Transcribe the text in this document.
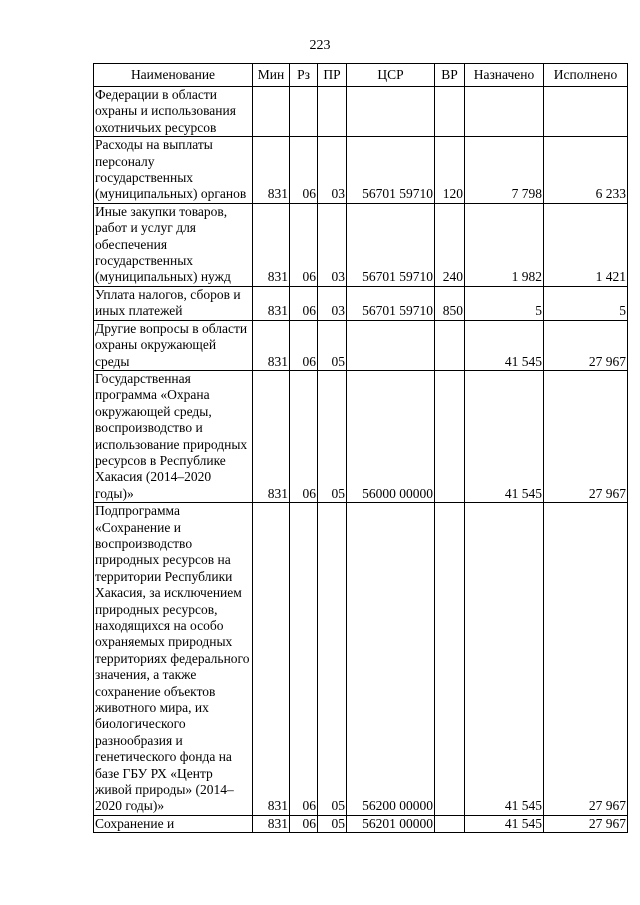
223
Наименование	Мин	Рз	ПР	ЦСР	ВР	Назначено	Исполнено
Федерации в области охраны и использования охотничьих ресурсов							
Расходы на выплаты персоналу государственных (муниципальных) органов	831	06	03	56701 59710	120	7 798	6 233
Иные закупки товаров, работ и услуг для обеспечения государственных (муниципальных) нужд	831	06	03	56701 59710	240	1 982	1 421
Уплата налогов, сборов и иных платежей	831	06	03	56701 59710	850	5	5
Другие вопросы в области охраны окружающей среды	831	06	05			41 545	27 967
Государственная программа «Охрана окружающей среды, воспроизводство и использование природных ресурсов в Республике Хакасия (2014–2020 годы)»	831	06	05	56000 00000		41 545	27 967
Подпрограмма «Сохранение и воспроизводство природных ресурсов на территории Республики Хакасия, за исключением природных ресурсов, находящихся на особо охраняемых природных территориях федерального значения, а также сохранение объектов животного мира, их биологического разнообразия и генетического фонда на базе ГБУ РХ «Центр живой природы» (2014–2020 годы)»	831	06	05	56200 00000		41 545	27 967
Сохранение и	831	06	05	56201 00000		41 545	27 967
